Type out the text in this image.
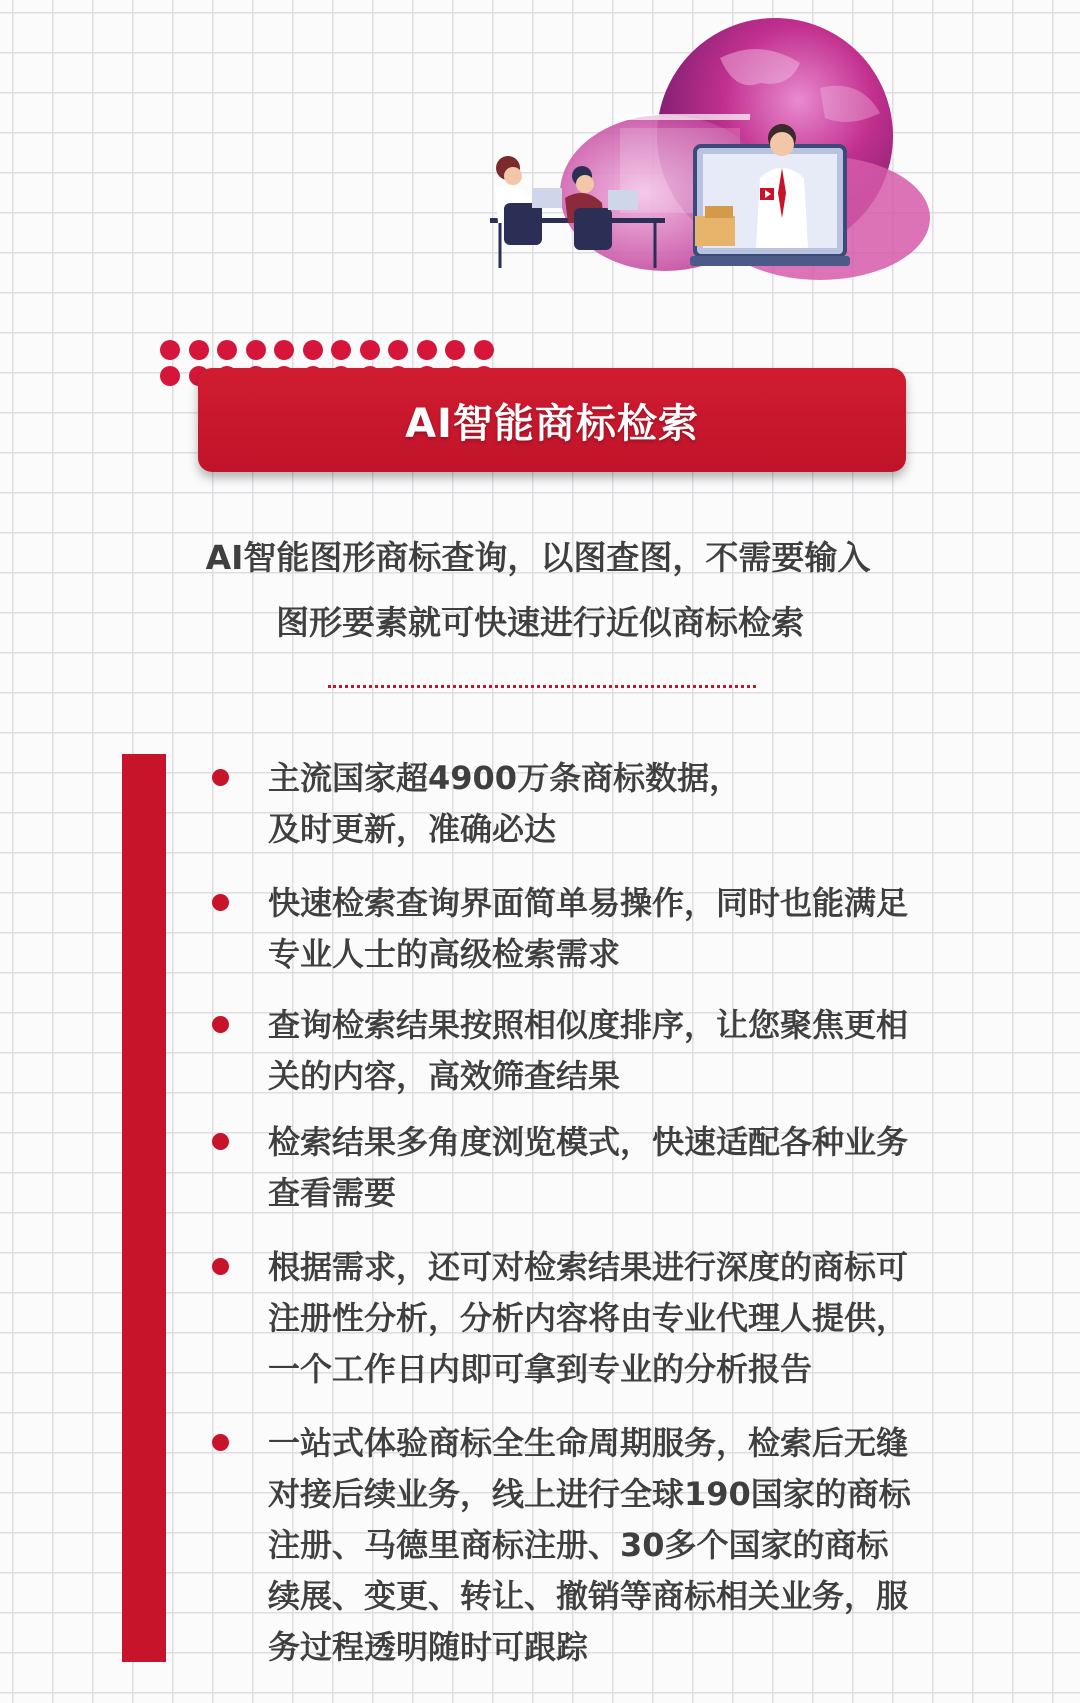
AI智能商标检索
AI智能图形商标查询，以图查图，不需要输入
图形要素就可快速进行近似商标检索
主流国家超4900万条商标数据，
及时更新，准确必达
快速检索查询界面简单易操作，同时也能满足
专业人士的高级检索需求
查询检索结果按照相似度排序，让您聚焦更相
关的内容，高效筛查结果
检索结果多角度浏览模式，快速适配各种业务
查看需要
根据需求，还可对检索结果进行深度的商标可
注册性分析，分析内容将由专业代理人提供，
一个工作日内即可拿到专业的分析报告
一站式体验商标全生命周期服务，检索后无缝
对接后续业务，线上进行全球190国家的商标
注册、马德里商标注册、30多个国家的商标
续展、变更、转让、撤销等商标相关业务，服
务过程透明随时可跟踪
